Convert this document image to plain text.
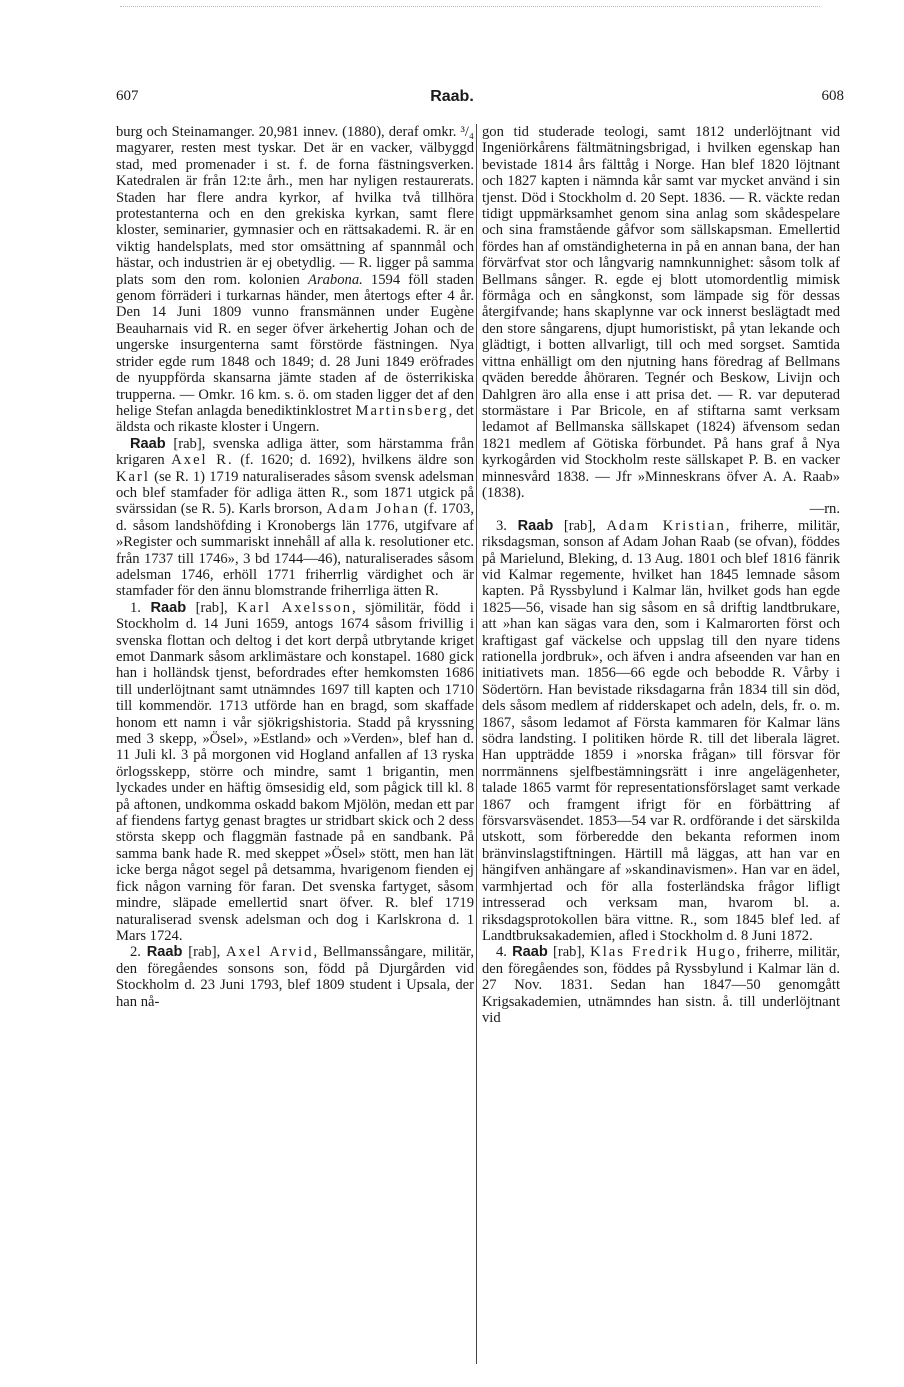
607	Raab.	608

burg och Steinamanger. 20,981 innev. (1880), deraf omkr. ³/₄ magyarer, resten mest tyskar. Det är en vacker, välbyggd stad, med promenader i st. f. de forna fästningsverken. Katedralen är från 12:te årh., men har nyligen restaurerats. Staden har flere andra kyrkor, af hvilka två tillhöra protestanterna och en den grekiska kyrkan, samt flere kloster, seminarier, gymnasier och en rättsakademi. R. är en viktig handelsplats, med stor omsättning af spannmål och hästar, och industrien är ej obetydlig. — R. ligger på samma plats som den rom. kolonien Arabona. 1594 föll staden genom förräderi i turkarnas händer, men återtogs efter 4 år. Den 14 Juni 1809 vunno fransmännen under Eugène Beauharnais vid R. en seger öfver ärkehertig Johan och de ungerske insurgenterna samt förstörde fästningen. Nya strider egde rum 1848 och 1849; d. 28 Juni 1849 eröfrades de nyuppförda skansarna jämte staden af de österrikiska trupperna. — Omkr. 16 km. s. ö. om staden ligger det af den helige Stefan anlagda benediktinklostret Martinsberg, det äldsta och rikaste kloster i Ungern.

Raab [rab], svenska adliga ätter, som härstamma från krigaren Axel R. (f. 1620; d. 1692), hvilkens äldre son Karl (se R. 1) 1719 naturaliserades såsom svensk adelsman och blef stamfader för adliga ätten R., som 1871 utgick på svärssidan (se R. 5). Karls brorson, Adam Johan (f. 1703, d. såsom landshöfding i Kronobergs län 1776, utgifvare af »Register och summariskt innehåll af alla k. resolutioner etc. från 1737 till 1746», 3 bd 1744—46), naturaliserades såsom adelsman 1746, erhöll 1771 friherrlig värdighet och är stamfader för den ännu blomstrande friherrliga ätten R.

1. Raab [rab], Karl Axelsson, sjömilitär, född i Stockholm d. 14 Juni 1659, antogs 1674 såsom frivillig i svenska flottan och deltog i det kort derpå utbrytande kriget emot Danmark såsom arklimästare och konstapel. 1680 gick han i holländsk tjenst, befordrades efter hemkomsten 1686 till underlöjtnant samt utnämndes 1697 till kapten och 1710 till kommendör. 1713 utförde han en bragd, som skaffade honom ett namn i vår sjökrigshistoria. Stadd på kryssning med 3 skepp, »Ösel», »Estland» och »Verden», blef han d. 11 Juli kl. 3 på morgonen vid Hogland anfallen af 13 ryska örlogsskepp, större och mindre, samt 1 brigantin, men lyckades under en häftig ömsesidig eld, som pågick till kl. 8 på aftonen, undkomma oskadd bakom Mjölön, medan ett par af fiendens fartyg genast bragtes ur stridbart skick och 2 dess största skepp och flaggmän fastnade på en sandbank. På samma bank hade R. med skeppet »Ösel» stött, men han lät icke berga något segel på detsamma, hvarigenom fienden ej fick någon varning för faran. Det svenska fartyget, såsom mindre, släpade emellertid snart öfver. R. blef 1719 naturaliserad svensk adelsman och dog i Karlskrona d. 1 Mars 1724.

2. Raab [rab], Axel Arvid, Bellmanssångare, militär, den föregåendes sonsons son, född på Djurgården vid Stockholm d. 23 Juni 1793, blef 1809 student i Upsala, der han nå-

gon tid studerade teologi, samt 1812 underlöjtnant vid Ingeniörkårens fältmätningsbrigad, i hvilken egenskap han bevistade 1814 års fälttåg i Norge. Han blef 1820 löjtnant och 1827 kapten i nämnda kår samt var mycket använd i sin tjenst. Död i Stockholm d. 20 Sept. 1836. — R. väckte redan tidigt uppmärksamhet genom sina anlag som skådespelare och sina framstående gåfvor som sällskapsman. Emellertid fördes han af omständigheterna in på en annan bana, der han förvärfvat stor och långvarig namnkunnighet: såsom tolk af Bellmans sånger. R. egde ej blott utomordentlig mimisk förmåga och en sångkonst, som lämpade sig för dessas återgifvande; hans skaplynne var ock innerst beslägtadt med den store sångarens, djupt humoristiskt, på ytan lekande och glädtigt, i botten allvarligt, till och med sorgset. Samtida vittna enhälligt om den njutning hans föredrag af Bellmans qväden beredde åhöraren. Tegnér och Beskow, Livijn och Dahlgren äro alla ense i att prisa det. — R. var deputerad stormästare i Par Bricole, en af stiftarna samt verksam ledamot af Bellmanska sällskapet (1824) äfvensom sedan 1821 medlem af Götiska förbundet. På hans graf å Nya kyrkogården vid Stockholm reste sällskapet P. B. en vacker minnesvård 1838. — Jfr »Minneskrans öfver A. A. Raab» (1838).
—rn.

3. Raab [rab], Adam Kristian, friherre, militär, riksdagsman, sonson af Adam Johan Raab (se ofvan), föddes på Marielund, Bleking, d. 13 Aug. 1801 och blef 1816 fänrik vid Kalmar regemente, hvilket han 1845 lemnade såsom kapten. På Ryssbylund i Kalmar län, hvilket gods han egde 1825—56, visade han sig såsom en så driftig landtbrukare, att »han kan sägas vara den, som i Kalmarorten först och kraftigast gaf väckelse och uppslag till den nyare tidens rationella jordbruk», och äfven i andra afseenden var han en initiativets man. 1856—66 egde och bebodde R. Vårby i Södertörn. Han bevistade riksdagarna från 1834 till sin död, dels såsom medlem af ridderskapet och adeln, dels, fr. o. m. 1867, såsom ledamot af Första kammaren för Kalmar läns södra landsting. I politiken hörde R. till det liberala lägret. Han uppträdde 1859 i »norska frågan» till försvar för norrmännens sjelfbestämningsrätt i inre angelägenheter, talade 1865 varmt för representationsförslaget samt verkade 1867 och framgent ifrigt för en förbättring af försvarsväsendet. 1853—54 var R. ordförande i det särskilda utskott, som förberedde den bekanta reformen inom bränvinslagstiftningen. Härtill må läggas, att han var en hängifven anhängare af »skandinavismen». Han var en ädel, varmhjertad och för alla fosterländska frågor lifligt intresserad och verksam man, hvarom bl. a. riksdagsprotokollen bära vittne. R., som 1845 blef led. af Landtbruksakademien, afled i Stockholm d. 8 Juni 1872.

4. Raab [rab], Klas Fredrik Hugo, friherre, militär, den föregåendes son, föddes på Ryssbylund i Kalmar län d. 27 Nov. 1831. Sedan han 1847—50 genomgått Krigsakademien, utnämndes han sistn. å. till underlöjtnant vid
